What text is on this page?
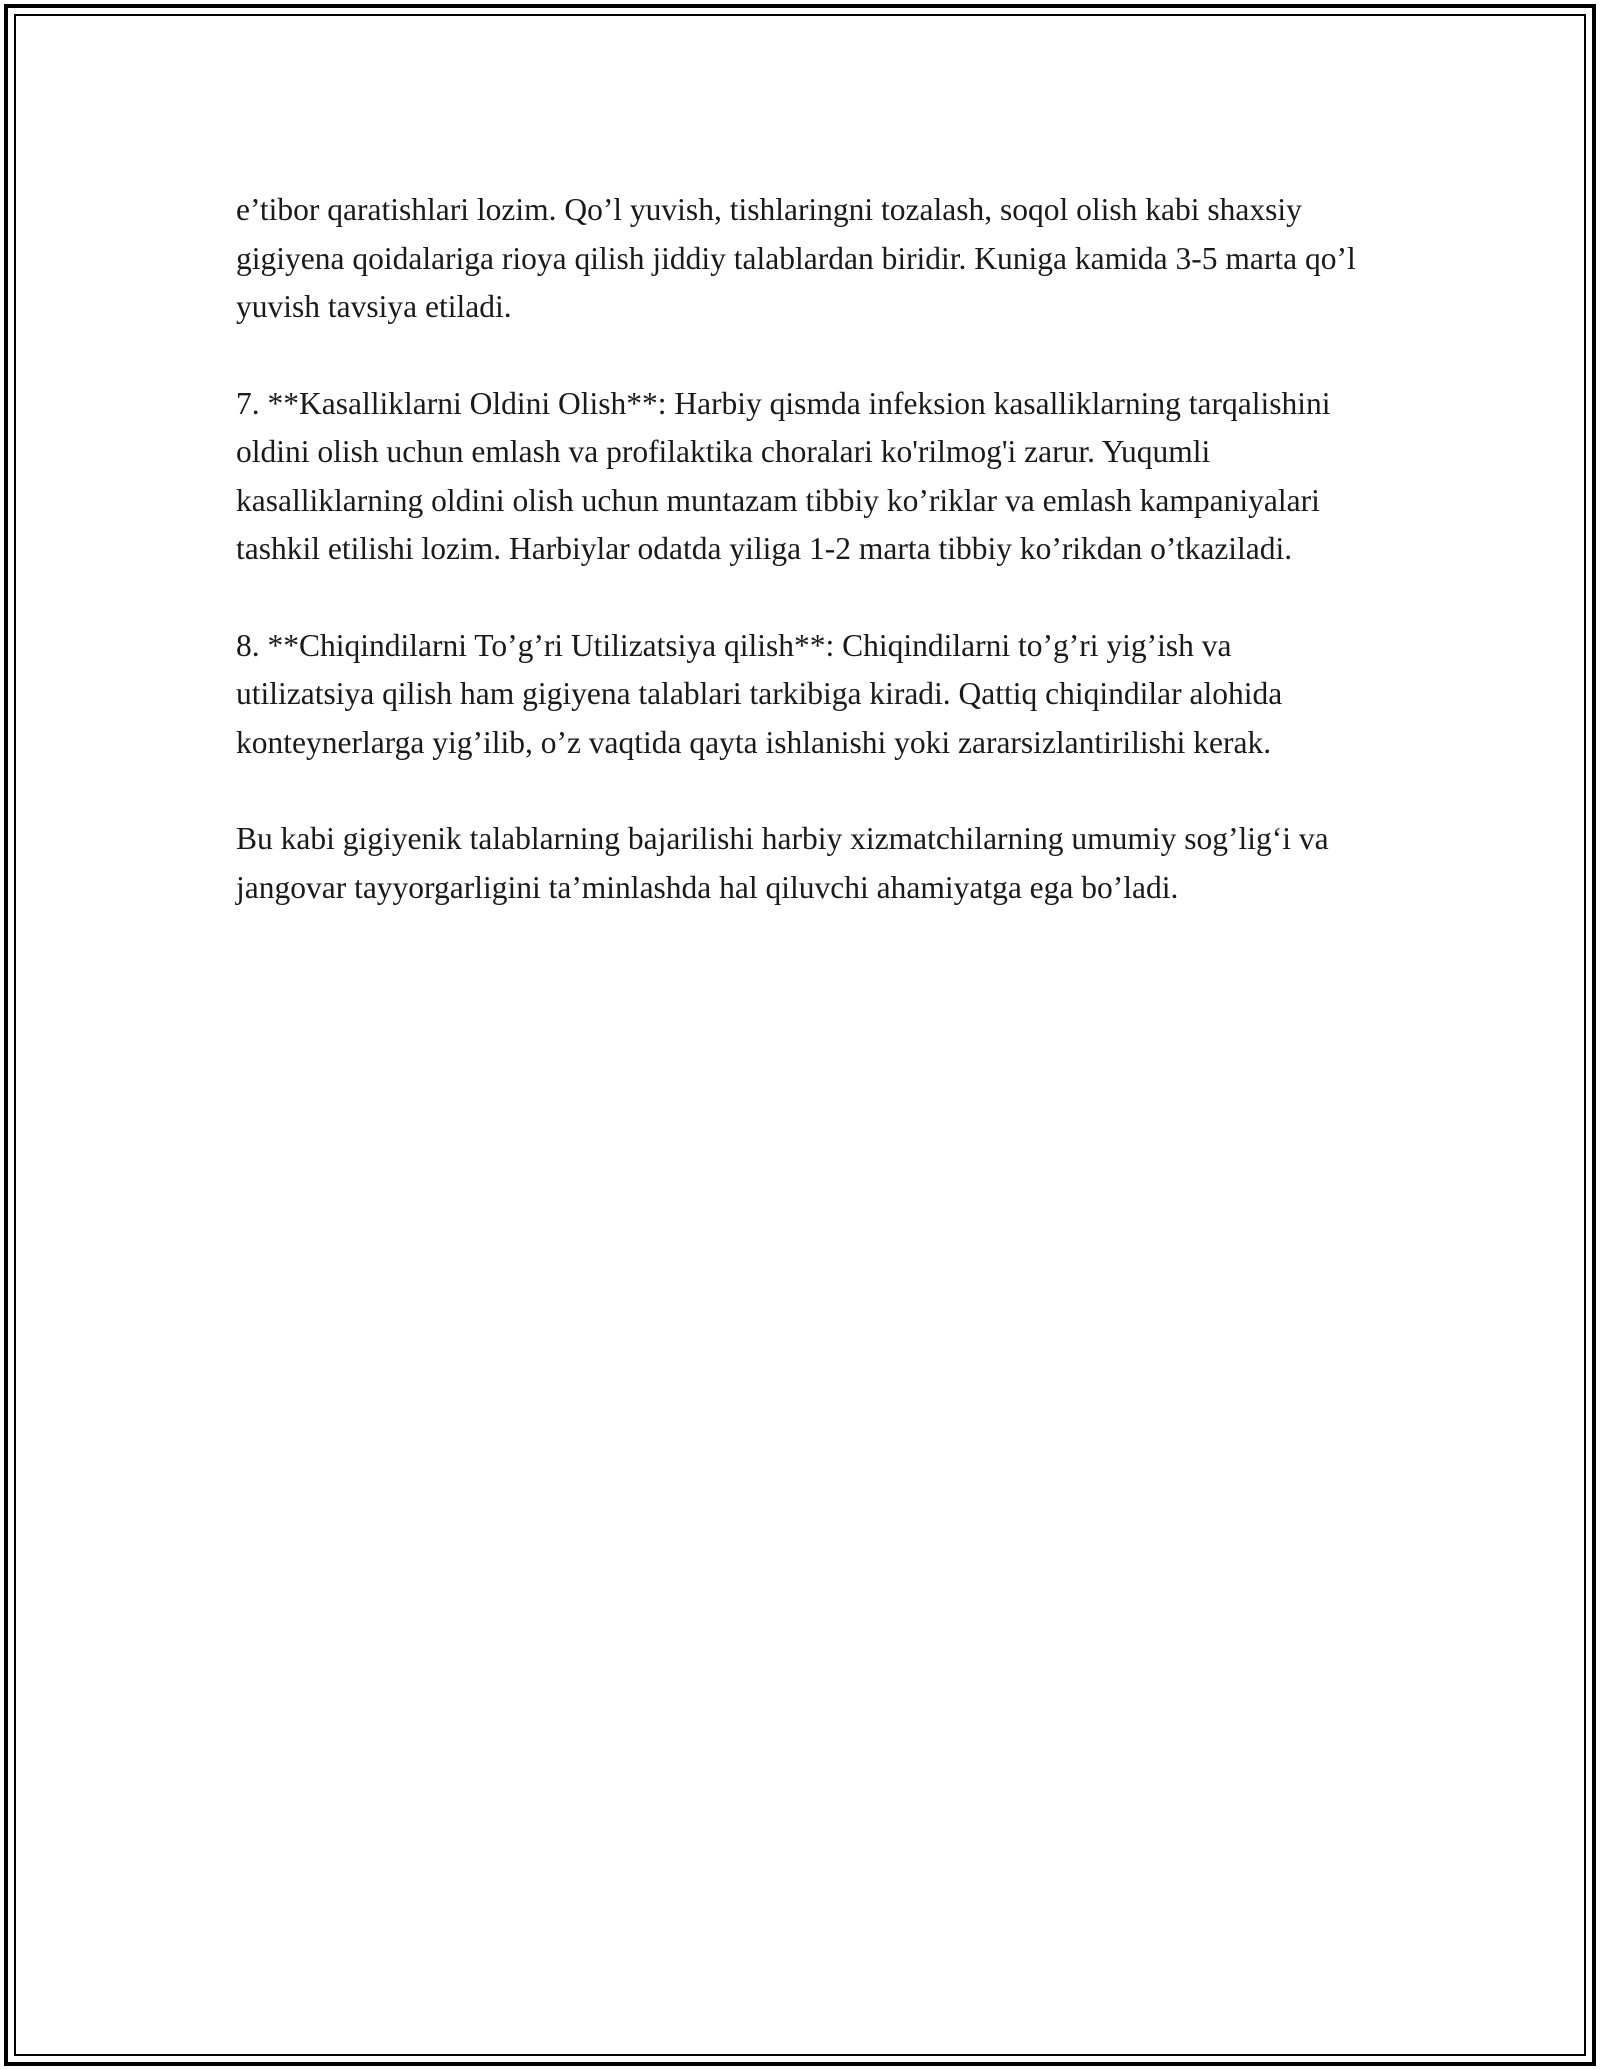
e’tibor qaratishlari lozim. Qo’l yuvish, tishlaringni tozalash, soqol olish kabi shaxsiy gigiyena qoidalariga rioya qilish jiddiy talablardan biridir. Kuniga kamida 3-5 marta qo’l yuvish tavsiya etiladi.

7. **Kasalliklarni Oldini Olish**: Harbiy qismda infeksion kasalliklarning tarqalishini oldini olish uchun emlash va profilaktika choralari ko'rilmog'i zarur. Yuqumli kasalliklarning oldini olish uchun muntazam tibbiy ko’riklar va emlash kampaniyalari tashkil etilishi lozim. Harbiylar odatda yiliga 1-2 marta tibbiy ko’rikdan o’tkaziladi.

8. **Chiqindilarni To’g’ri Utilizatsiya qilish**: Chiqindilarni to’g’ri yig’ish va utilizatsiya qilish ham gigiyena talablari tarkibiga kiradi. Qattiq chiqindilar alohida konteynerlarga yig’ilib, o’z vaqtida qayta ishlanishi yoki zararsizlantirilishi kerak.

Bu kabi gigiyenik talablarning bajarilishi harbiy xizmatchilarning umumiy sog’lig‘i va jangovar tayyorgarligini ta’minlashda hal qiluvchi ahamiyatga ega bo’ladi.
